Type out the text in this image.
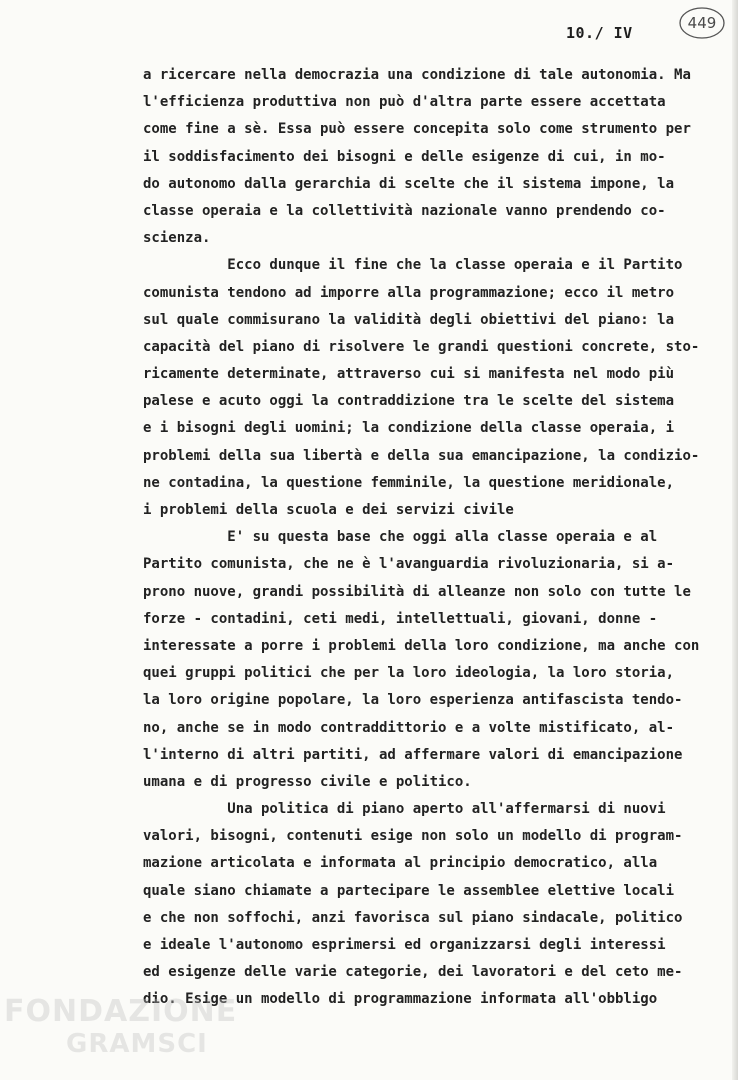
10./ IV
449
a ricercare nella democrazia una condizione di tale autonomia. Ma
l'efficienza produttiva non può d'altra parte essere accettata
come fine a sè. Essa può essere concepita solo come strumento per
il soddisfacimento dei bisogni e delle esigenze di cui, in mo-
do autonomo dalla gerarchia di scelte che il sistema impone, la
classe operaia e la collettività nazionale vanno prendendo co-
scienza.
Ecco dunque il fine che la classe operaia e il Partito
comunista tendono ad imporre alla programmazione; ecco il metro
sul quale commisurano la validità degli obiettivi del piano: la
capacità del piano di risolvere le grandi questioni concrete, sto-
ricamente determinate, attraverso cui si manifesta nel modo più
palese e acuto oggi la contraddizione tra le scelte del sistema
e i bisogni degli uomini; la condizione della classe operaia, i
problemi della sua libertà e della sua emancipazione, la condizio-
ne contadina, la questione femminile, la questione meridionale,
i problemi della scuola e dei servizi civile
E' su questa base che oggi alla classe operaia e al
Partito comunista, che ne è l'avanguardia rivoluzionaria, si a-
prono nuove, grandi possibilità di alleanze non solo con tutte le
forze - contadini, ceti medi, intellettuali, giovani, donne -
interessate a porre i problemi della loro condizione, ma anche con
quei gruppi politici che per la loro ideologia, la loro storia,
la loro origine popolare, la loro esperienza antifascista tendo-
no, anche se in modo contraddittorio e a volte mistificato, al-
l'interno di altri partiti, ad affermare valori di emancipazione
umana e di progresso civile e politico.
Una politica di piano aperto all'affermarsi di nuovi
valori, bisogni, contenuti esige non solo un modello di program-
mazione articolata e informata al principio democratico, alla
quale siano chiamate a partecipare le assemblee elettive locali
e che non soffochi, anzi favorisca sul piano sindacale, politico
e ideale l'autonomo esprimersi ed organizzarsi degli interessi
ed esigenze delle varie categorie, dei lavoratori e del ceto me-
dio. Esige un modello di programmazione informata all'obbligo
FONDAZIONE
GRAMSCI
